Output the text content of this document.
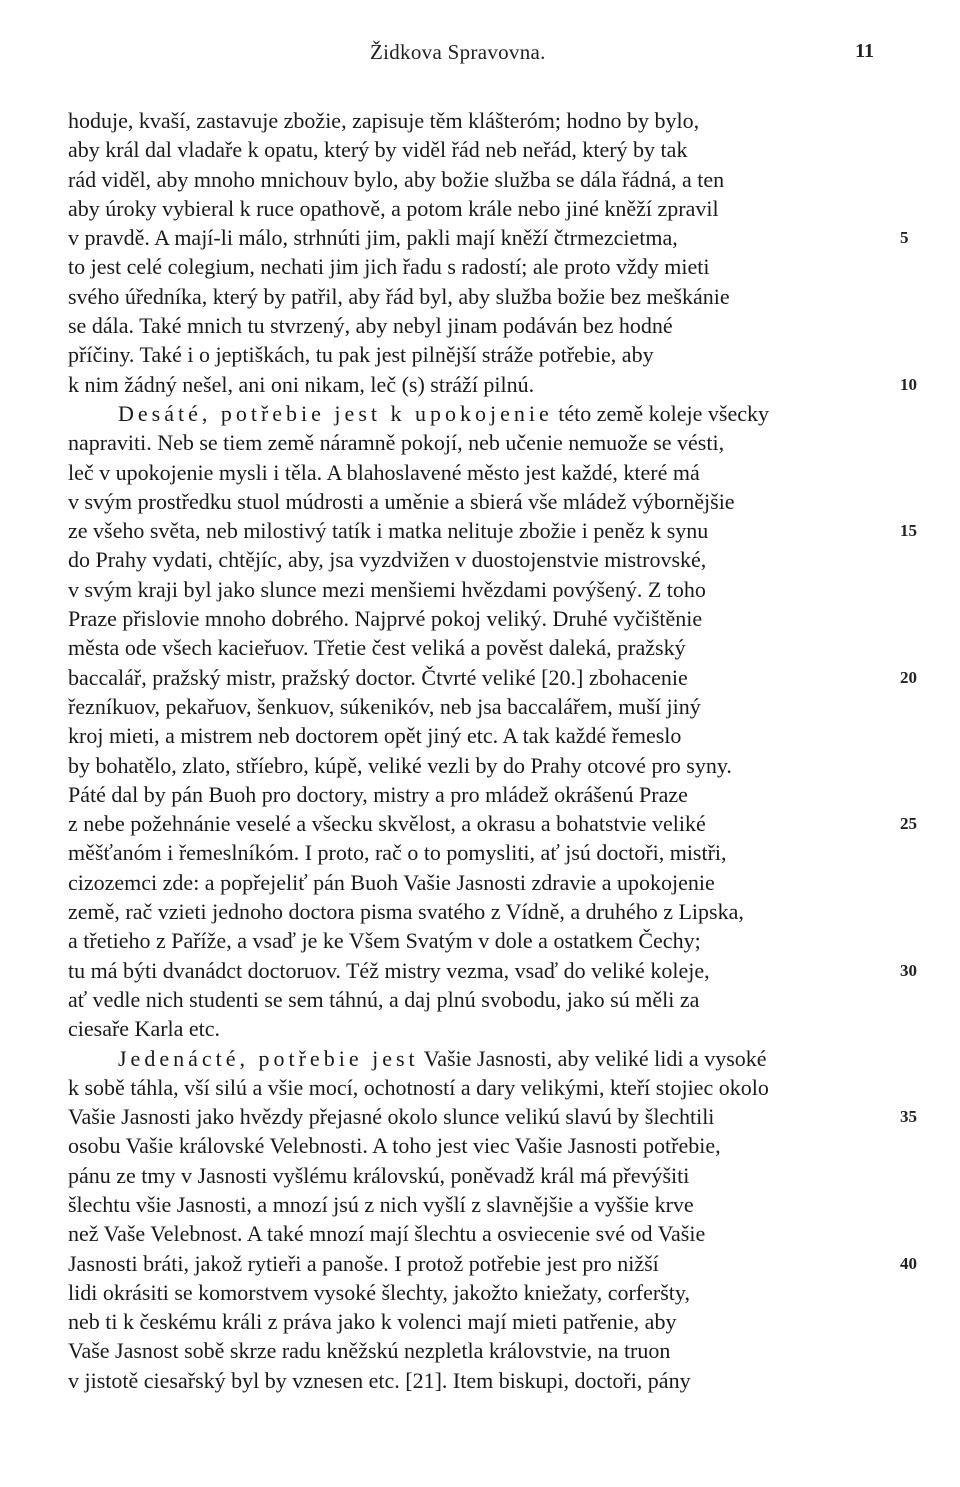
Židkova Spravovna.	11
hoduje, kvaší, zastavuje zbožie, zapisuje těm klášteróm; hodno by bylo,
aby král dal vladaře k opatu, který by viděl řád neb neřád, který by tak
rád viděl, aby mnoho mnichouv bylo, aby božie služba se dála řádná, a ten
aby úroky vybieral k ruce opathově, a potom krále nebo jiné kněží zpravil
v pravdě. A mají-li málo, strhnúti jim, pakli mají kněží čtrmezcietma,	5
to jest celé colegium, nechati jim jich řadu s radostí; ale proto vždy mieti
svého úředníka, který by patřil, aby řád byl, aby služba božie bez meškánie
se dála. Také mnich tu stvrzený, aby nebyl jinam podáván bez hodné
příčiny. Také i o jeptiškách, tu pak jest pilnější stráže potřebie, aby
k nim žádný nešel, ani oni nikam, leč (s) stráží pilnú.	10
Desáté, potřebie jest k upokojenie této země koleje všecky
napraviti. Neb se tiem země náramně pokojí, neb učenie nemuože se vésti,
leč v upokojenie mysli i těla. A blahoslavené město jest každé, které má
v svým prostředku stuol múdrosti a uměnie a sbierá vše mládež výbornějšie
ze všeho světa, neb milostivý tatík i matka nelituje zbožie i peněz k synu	15
do Prahy vydati, chtějíc, aby, jsa vyzdvižen v duostojenstvie mistrovské,
v svým kraji byl jako slunce mezi menšiemi hvězdami povýšený. Z toho
Praze přislovie mnoho dobrého. Najprvé pokoj veliký. Druhé vyčištěnie
města ode všech kacieřuov. Třetie čest veliká a pověst daleká, pražský
baccalář, pražský mistr, pražský doctor. Čtvrté veliké [20.] zbohacenie	20
řezníkuov, pekařuov, šenkuov, súkenikóv, neb jsa baccalářem, muší jiný
kroj mieti, a mistrem neb doctorem opět jiný etc. A tak každé řemeslo
by bohatělo, zlato, stříebro, kúpě, veliké vezli by do Prahy otcové pro syny.
Páté dal by pán Buoh pro doctory, mistry a pro mládež okrášenú Praze
z nebe požehnánie veselé a všecku skvělost, a okrasu a bohatstvie veliké	25
měšťanóm i řemeslníkóm. I proto, rač o to pomysliti, ať jsú doctoři, mistři,
cizozemci zde: a popřejeliť pán Buoh Vašie Jasnosti zdravie a upokojenie
země, rač vzieti jednoho doctora pisma svatého z Vídně, a druhého z Lipska,
a třetieho z Paříže, a vsaď je ke Všem Svatým v dole a ostatkem Čechy;
tu má býti dvanádct doctoruov. Též mistry vezma, vsaď do veliké koleje,	30
ať vedle nich studenti se sem táhnú, a daj plnú svobodu, jako sú měli za
ciesaře Karla etc.
Jedenácté, potřebie jest Vašie Jasnosti, aby veliké lidi a vysoké
k sobě táhla, vší silú a všie mocí, ochotností a dary velikými, kteří stojiec okolo
Vašie Jasnosti jako hvězdy přejasné okolo slunce velikú slavú by šlechtili	35
osobu Vašie královské Velebnosti. A toho jest viec Vašie Jasnosti potřebie,
pánu ze tmy v Jasnosti vyšlému královskú, poněvadž král má převýšiti
šlechtu všie Jasnosti, a mnozí jsú z nich vyšlí z slavnějšie a vyššie krve
než Vaše Velebnost. A také mnozí mají šlechtu a osviecenie své od Vašie
Jasnosti bráti, jakož rytieři a panoše. I protož potřebie jest pro nižší	40
lidi okrásiti se komorstvem vysoké šlechty, jakožto kniežaty, corferšty,
neb ti k českému králi z práva jako k volenci mají mieti patřenie, aby
Vaše Jasnost sobě skrze radu kněžskú nezpletla královstvie, na truon
v jistotě ciesařský byl by vznesen etc. [21]. Item biskupi, doctoři, pány
